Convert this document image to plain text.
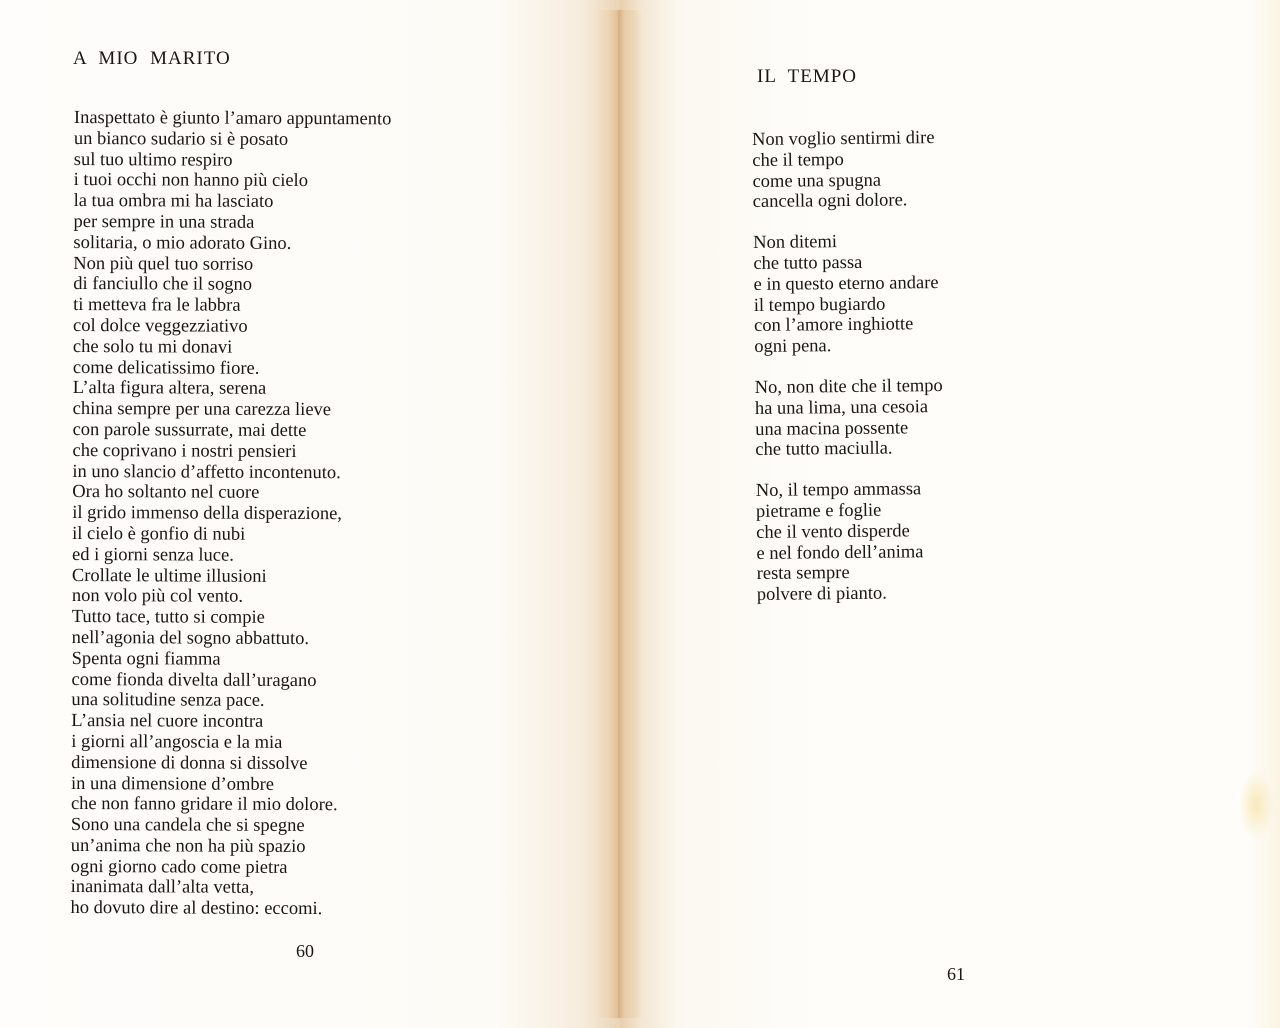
A MIO MARITO
Inaspettato è giunto l’amaro appuntamento
un bianco sudario si è posato
sul tuo ultimo respiro
i tuoi occhi non hanno più cielo
la tua ombra mi ha lasciato
per sempre in una strada
solitaria, o mio adorato Gino.
Non più quel tuo sorriso
di fanciullo che il sogno
ti metteva fra le labbra
col dolce veggezziativo
che solo tu mi donavi
come delicatissimo fiore.
L’alta figura altera, serena
china sempre per una carezza lieve
con parole sussurrate, mai dette
che coprivano i nostri pensieri
in uno slancio d’affetto incontenuto.
Ora ho soltanto nel cuore
il grido immenso della disperazione,
il cielo è gonfio di nubi
ed i giorni senza luce.
Crollate le ultime illusioni
non volo più col vento.
Tutto tace, tutto si compie
nell’agonia del sogno abbattuto.
Spenta ogni fiamma
come fionda divelta dall’uragano
una solitudine senza pace.
L’ansia nel cuore incontra
i giorni all’angoscia e la mia
dimensione di donna si dissolve
in una dimensione d’ombre
che non fanno gridare il mio dolore.
Sono una candela che si spegne
un’anima che non ha più spazio
ogni giorno cado come pietra
inanimata dall’alta vetta,
ho dovuto dire al destino: eccomi.

60

IL TEMPO
Non voglio sentirmi dire
che il tempo
come una spugna
cancella ogni dolore.
Non ditemi
che tutto passa
e in questo eterno andare
il tempo bugiardo
con l’amore inghiotte
ogni pena.
No, non dite che il tempo
ha una lima, una cesoia
una macina possente
che tutto maciulla.
No, il tempo ammassa
pietrame e foglie
che il vento disperde
e nel fondo dell’anima
resta sempre
polvere di pianto.

61
